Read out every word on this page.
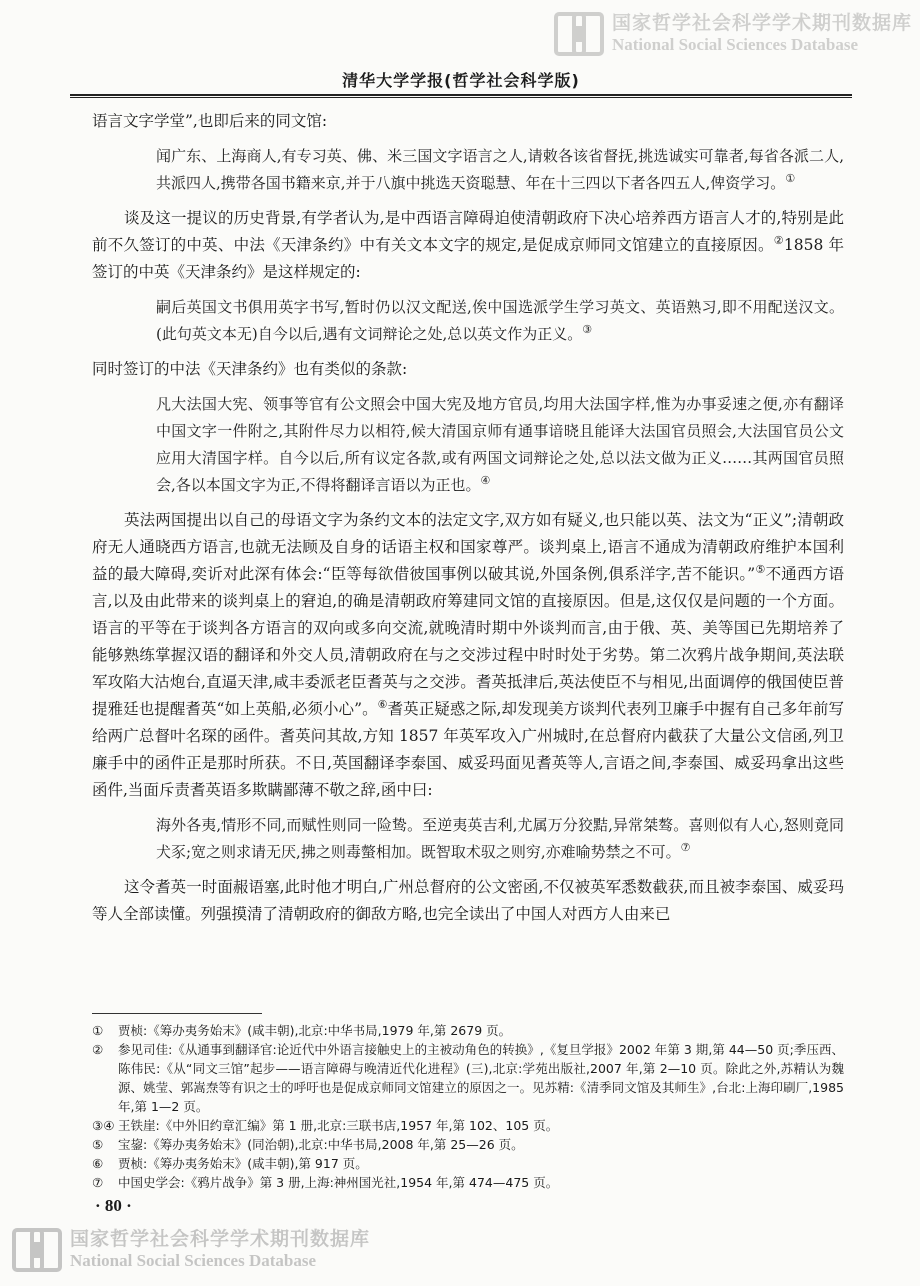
国家哲学社会科学学术期刊数据库
National Social Sciences Database
清华大学学报(哲学社会科学版)

语言文字学堂”,也即后来的同文馆:

闻广东、上海商人,有专习英、佛、米三国文字语言之人,请敕各该省督抚,挑选诚实可靠者,每省各派二人,共派四人,携带各国书籍来京,并于八旗中挑选天资聪慧、年在十三四以下者各四五人,俾资学习。①

谈及这一提议的历史背景,有学者认为,是中西语言障碍迫使清朝政府下决心培养西方语言人才的,特别是此前不久签订的中英、中法《天津条约》中有关文本文字的规定,是促成京师同文馆建立的直接原因。②1858 年签订的中英《天津条约》是这样规定的:

嗣后英国文书俱用英字书写,暂时仍以汉文配送,俟中国选派学生学习英文、英语熟习,即不用配送汉文。(此句英文本无)自今以后,遇有文词辩论之处,总以英文作为正义。③

同时签订的中法《天津条约》也有类似的条款:

凡大法国大宪、领事等官有公文照会中国大宪及地方官员,均用大法国字样,惟为办事妥速之便,亦有翻译中国文字一件附之,其附件尽力以相符,候大清国京师有通事谙晓且能译大法国官员照会,大法国官员公文应用大清国字样。自今以后,所有议定各款,或有两国文词辩论之处,总以法文做为正义……其两国官员照会,各以本国文字为正,不得将翻译言语以为正也。④

英法两国提出以自己的母语文字为条约文本的法定文字,双方如有疑义,也只能以英、法文为“正义”;清朝政府无人通晓西方语言,也就无法顾及自身的话语主权和国家尊严。谈判桌上,语言不通成为清朝政府维护本国利益的最大障碍,奕䜣对此深有体会:“臣等每欲借彼国事例以破其说,外国条例,俱系洋字,苦不能识。”⑤不通西方语言,以及由此带来的谈判桌上的窘迫,的确是清朝政府筹建同文馆的直接原因。但是,这仅仅是问题的一个方面。语言的平等在于谈判各方语言的双向或多向交流,就晚清时期中外谈判而言,由于俄、英、美等国已先期培养了能够熟练掌握汉语的翻译和外交人员,清朝政府在与之交涉过程中时时处于劣势。第二次鸦片战争期间,英法联军攻陷大沽炮台,直逼天津,咸丰委派老臣耆英与之交涉。耆英抵津后,英法使臣不与相见,出面调停的俄国使臣普提雅廷也提醒耆英“如上英船,必须小心”。⑥耆英正疑惑之际,却发现美方谈判代表列卫廉手中握有自己多年前写给两广总督叶名琛的函件。耆英问其故,方知 1857 年英军攻入广州城时,在总督府内截获了大量公文信函,列卫廉手中的函件正是那时所获。不日,英国翻译李泰国、威妥玛面见耆英等人,言语之间,李泰国、威妥玛拿出这些函件,当面斥责耆英语多欺瞒鄙薄不敬之辞,函中曰:

海外各夷,情形不同,而赋性则同一险鸷。至逆夷英吉利,尤属万分狡黠,异常桀骜。喜则似有人心,怒则竟同犬豕;宽之则求请无厌,拂之则毒螫相加。既智取术驭之则穷,亦难喻势禁之不可。⑦

这令耆英一时面赧语塞,此时他才明白,广州总督府的公文密函,不仅被英军悉数截获,而且被李泰国、威妥玛等人全部读懂。列强摸清了清朝政府的御敌方略,也完全读出了中国人对西方人由来已

①	贾桢:《筹办夷务始末》(咸丰朝),北京:中华书局,1979 年,第 2679 页。
②	参见司佳:《从通事到翻译官:论近代中外语言接触史上的主被动角色的转换》,《复旦学报》2002 年第 3 期,第 44—50 页;季压西、陈伟民:《从“同文三馆”起步——语言障碍与晚清近代化进程》(三),北京:学苑出版社,2007 年,第 2—10 页。除此之外,苏精认为魏源、姚莹、郭嵩焘等有识之士的呼吁也是促成京师同文馆建立的原因之一。见苏精:《清季同文馆及其师生》,台北:上海印刷厂,1985 年,第 1—2 页。
③④ 王铁崖:《中外旧约章汇编》第 1 册,北京:三联书店,1957 年,第 102、105 页。
⑤	宝鋆:《筹办夷务始末》(同治朝),北京:中华书局,2008 年,第 25—26 页。
⑥	贾桢:《筹办夷务始末》(咸丰朝),第 917 页。
⑦	中国史学会:《鸦片战争》第 3 册,上海:神州国光社,1954 年,第 474—475 页。
· 80 ·
国家哲学社会科学学术期刊数据库
National Social Sciences Database
